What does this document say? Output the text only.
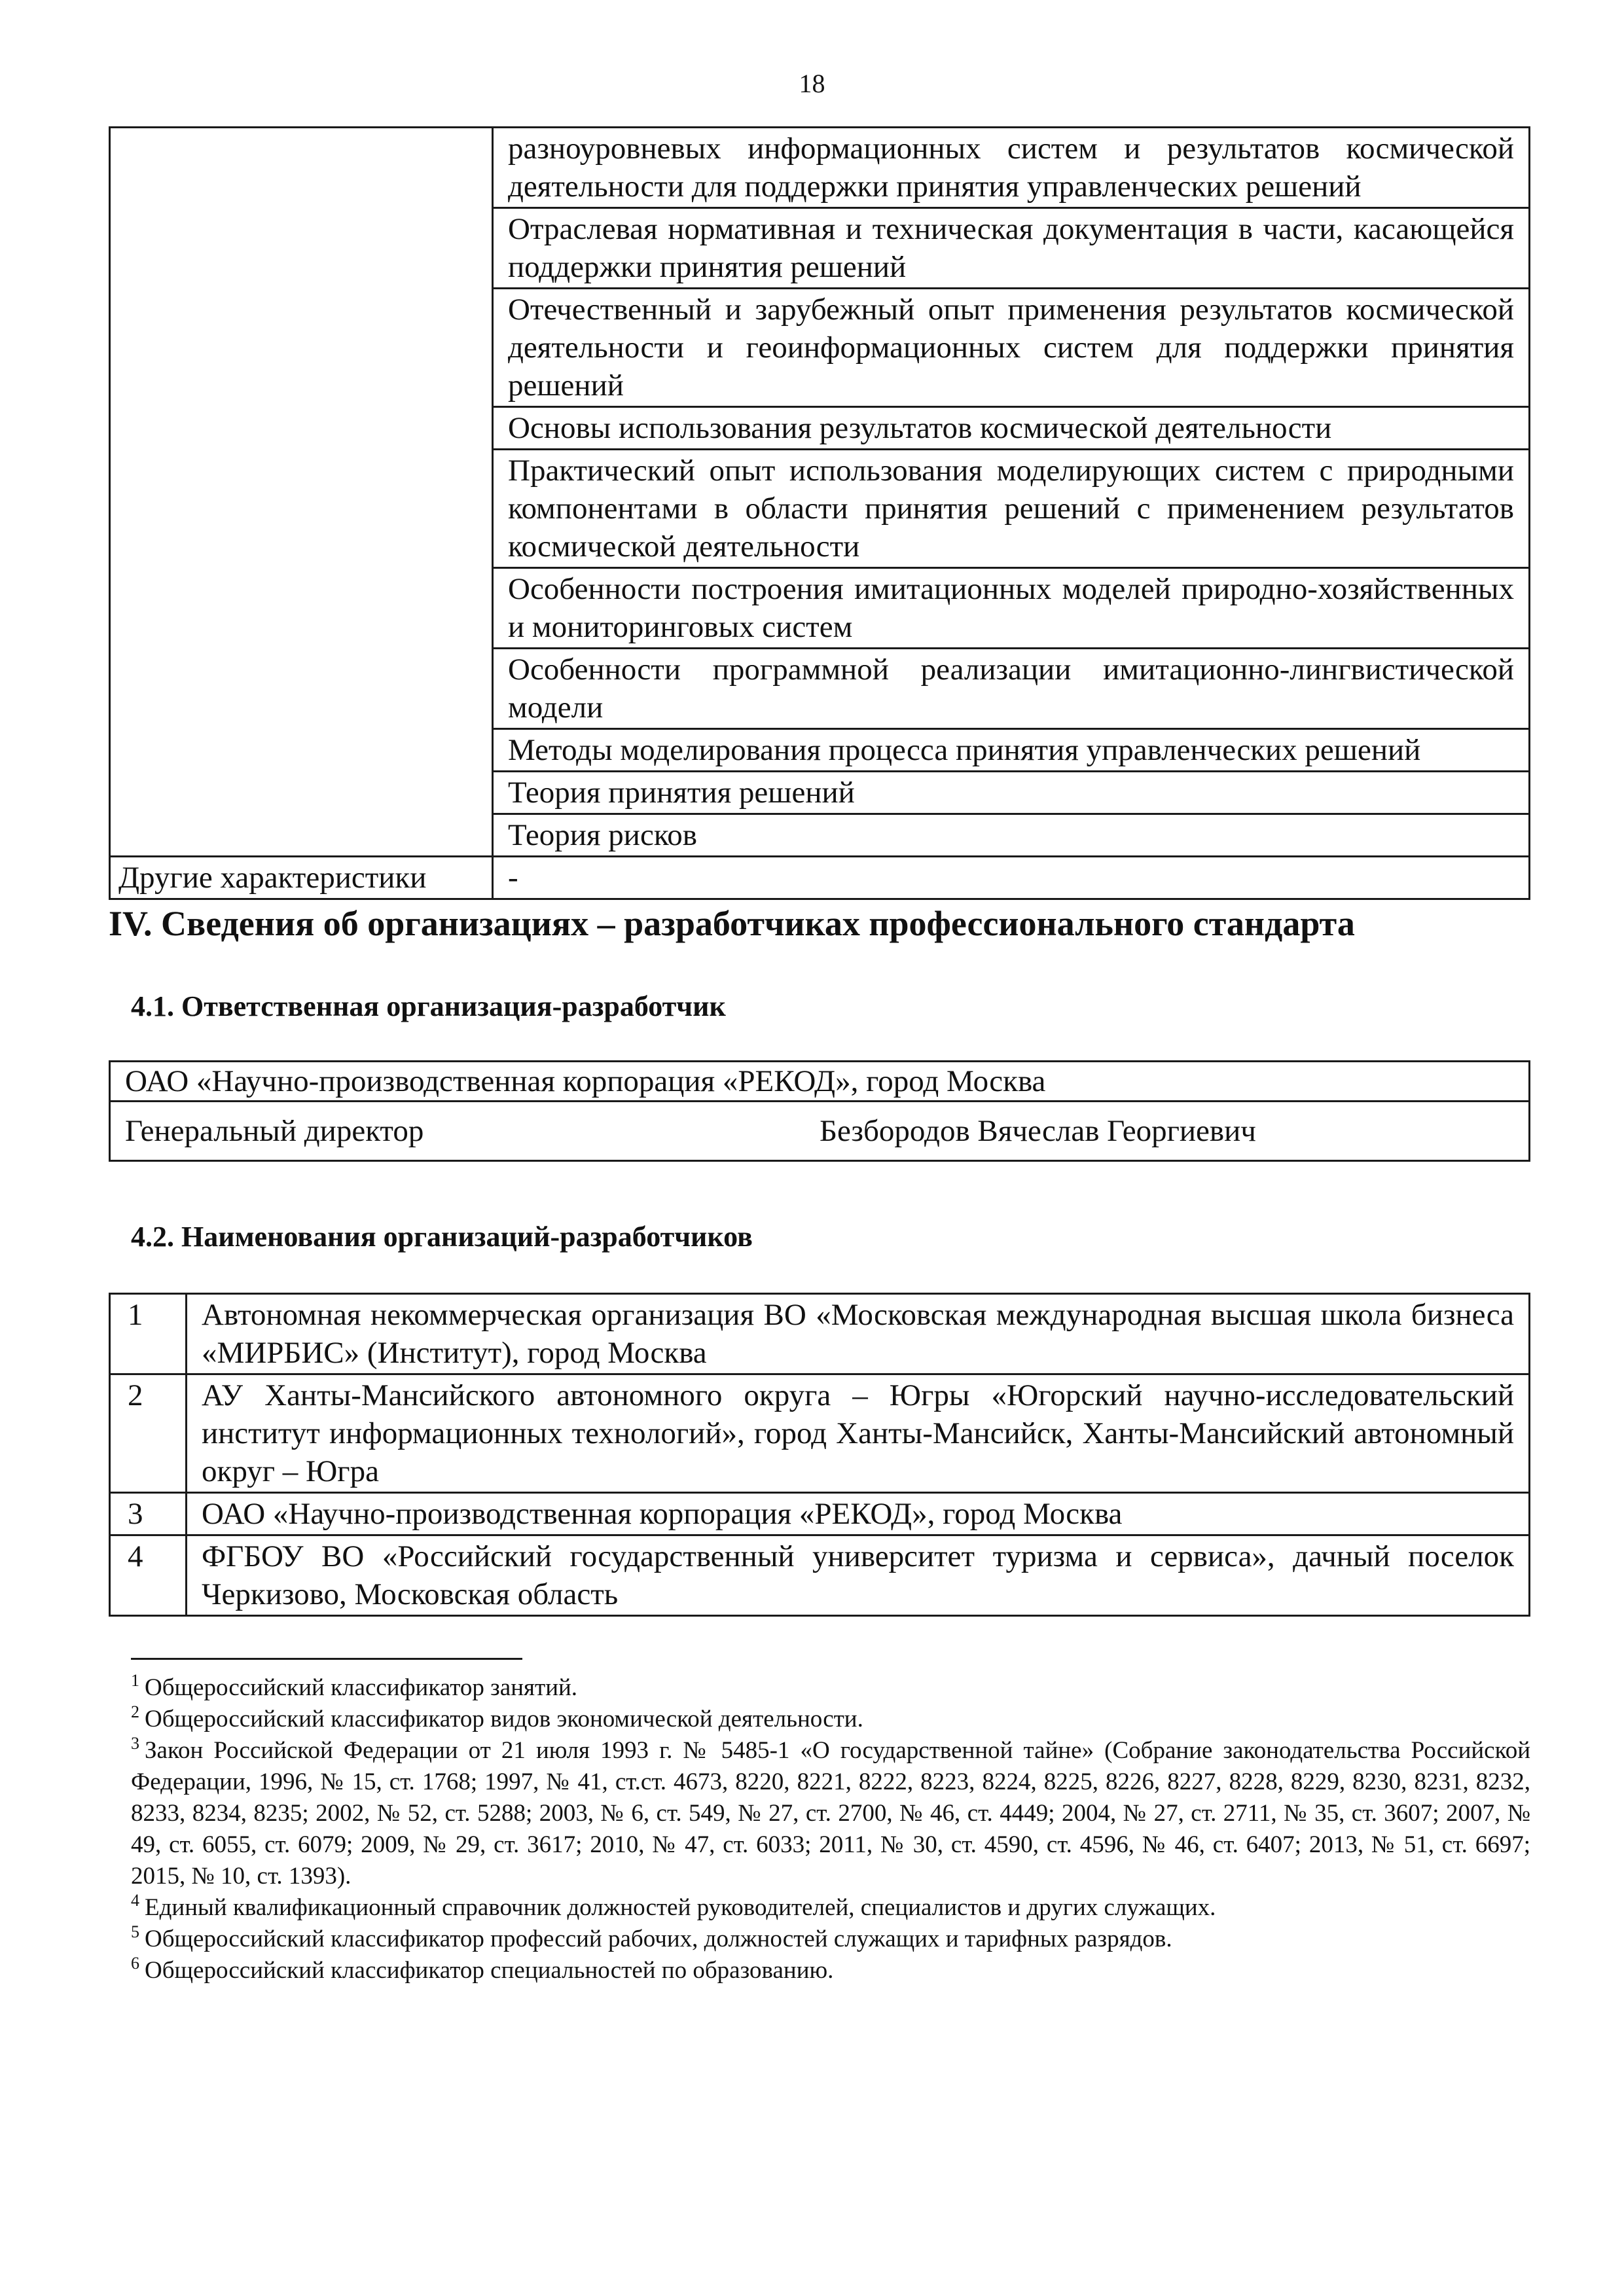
18
	разноуровневых информационных систем и результатов космической деятельности для поддержки принятия управленческих решений
	Отраслевая нормативная и техническая документация в части, касающейся поддержки принятия решений
	Отечественный и зарубежный опыт применения результатов космической деятельности и геоинформационных систем для поддержки принятия решений
	Основы использования результатов космической деятельности
	Практический опыт использования моделирующих систем с природными компонентами в области принятия решений с применением результатов космической деятельности
	Особенности построения имитационных моделей природно-хозяйственных и мониторинговых систем
	Особенности программной реализации имитационно-лингвистической модели
	Методы моделирования процесса принятия управленческих решений
	Теория принятия решений
	Теория рисков
Другие характеристики	-
IV. Сведения об организациях – разработчиках профессионального стандарта
4.1. Ответственная организация-разработчик
ОАО «Научно-производственная корпорация «РЕКОД», город Москва
Генеральный директор	Безбородов Вячеслав Георгиевич
4.2. Наименования организаций-разработчиков
1	Автономная некоммерческая организация ВО «Московская международная высшая школа бизнеса «МИРБИС» (Институт), город Москва
2	АУ Ханты-Мансийского автономного округа – Югры «Югорский научно-исследовательский институт информационных технологий», город Ханты-Мансийск, Ханты-Мансийский автономный округ – Югра
3	ОАО «Научно-производственная корпорация «РЕКОД», город Москва
4	ФГБОУ ВО «Российский государственный университет туризма и сервиса», дачный поселок Черкизово, Московская область

$^1$ Общероссийский классификатор занятий.

$^2$ Общероссийский классификатор видов экономической деятельности.

$^3$ Закон Российской Федерации от 21 июля 1993 г. № 5485-1 «О государственной тайне» (Собрание законодательства Российской Федерации, 1996, № 15, ст. 1768; 1997, № 41, ст.ст. 4673, 8220, 8221, 8222, 8223, 8224, 8225, 8226, 8227, 8228, 8229, 8230, 8231, 8232, 8233, 8234, 8235; 2002, № 52, ст. 5288; 2003, № 6, ст. 549, № 27, ст. 2700, № 46, ст. 4449; 2004, № 27, ст. 2711, № 35, ст. 3607; 2007, № 49, ст. 6055, ст. 6079; 2009, № 29, ст. 3617; 2010, № 47, ст. 6033; 2011, № 30, ст. 4590, ст. 4596, № 46, ст. 6407; 2013, № 51, ст. 6697; 2015, № 10, ст. 1393).

$^4$ Единый квалификационный справочник должностей руководителей, специалистов и других служащих.

$^5$ Общероссийский классификатор профессий рабочих, должностей служащих и тарифных разрядов.

$^6$ Общероссийский классификатор специальностей по образованию.
